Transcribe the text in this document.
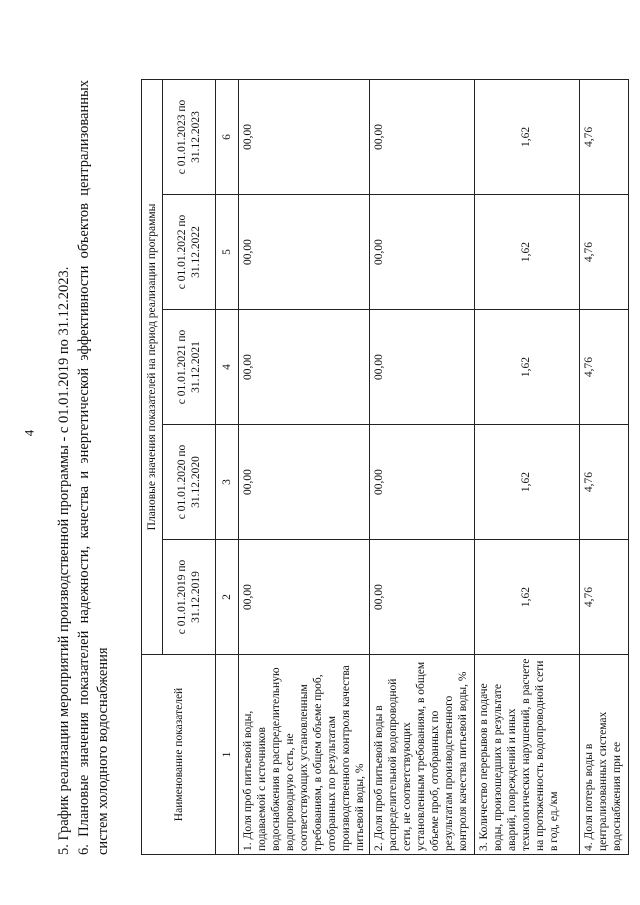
4 5. График реализации мероприятий производственной программы - с 01.01.2019 по 31.12.2023. 6. Плановые значения показателей надежности, качества и энергетической эффективности объектов централизованных систем холодного водоснабжения	Наименование показателей	Плановые значения показателей на период реализации программы				
	с 01.01.2019 по 31.12.2019	с 01.01.2020 по 31.12.2020	с 01.01.2021 по 31.12.2021	с 01.01.2022 по 31.12.2022	с 01.01.2023 по 31.12.2023
1	2	3	4	5	6
1. Доля проб питьевой воды, подаваемой с источников водоснабжения в распределительную водопроводную сеть, не соответствующих установленным требованиям, в общем объеме проб, отобранных по результатам производственного контроля качества питьевой воды, %	00,00	00,00	00,00	00,00	00,00
2. Доля проб питьевой воды в распределительной водопроводной сети, не соответствующих установленным требованиям, в общем объеме проб, отобранных по результатам производственного контроля качества питьевой воды, %	00,00	00,00	00,00	00,00	00,00
3. Количество перерывов в подаче воды, произошедших в результате аварий, повреждений и иных технологических нарушений, в расчете на протяженность водопроводной сети в год, ед./км	1,62	1,62	1,62	1,62	1,62
4. Доля потерь воды в централизованных системах водоснабжения при ее	4,76	4,76	4,76	4,76	4,76
